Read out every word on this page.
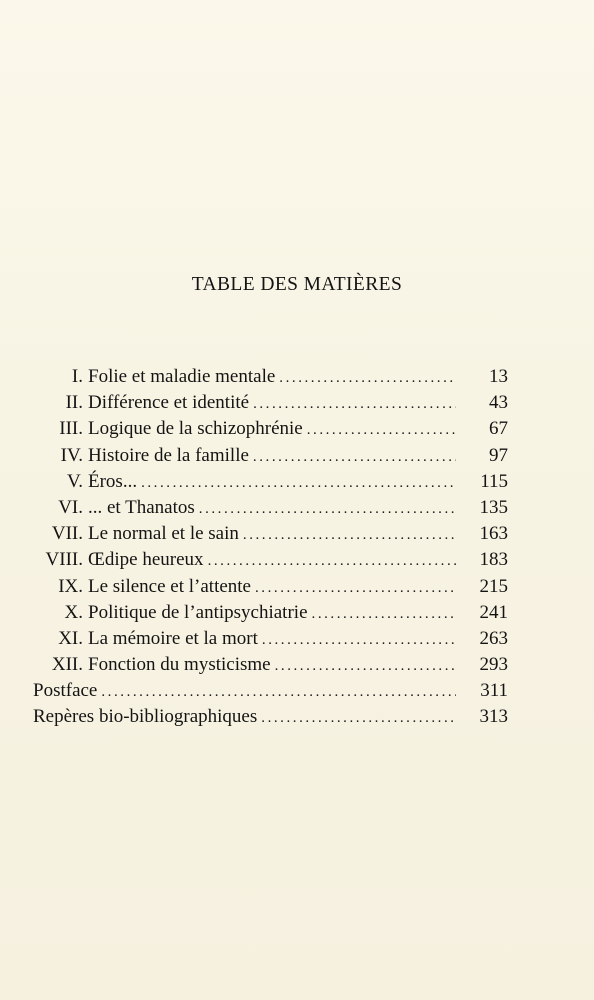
TABLE DES MATIÈRES
I. Folie et maladie mentale .....	13
II. Différence et identité .....	43
III. Logique de la schizophrénie .....	67
IV. Histoire de la famille .....	97
V. Éros... .....	115
VI. ... et Thanatos .....	135
VII. Le normal et le sain .....	163
VIII. Œdipe heureux .....	183
IX. Le silence et l’attente .....	215
X. Politique de l’antipsychiatrie .....	241
XI. La mémoire et la mort .....	263
XII. Fonction du mysticisme .....	293
Postface .....	311
Repères bio-bibliographiques .....	313
